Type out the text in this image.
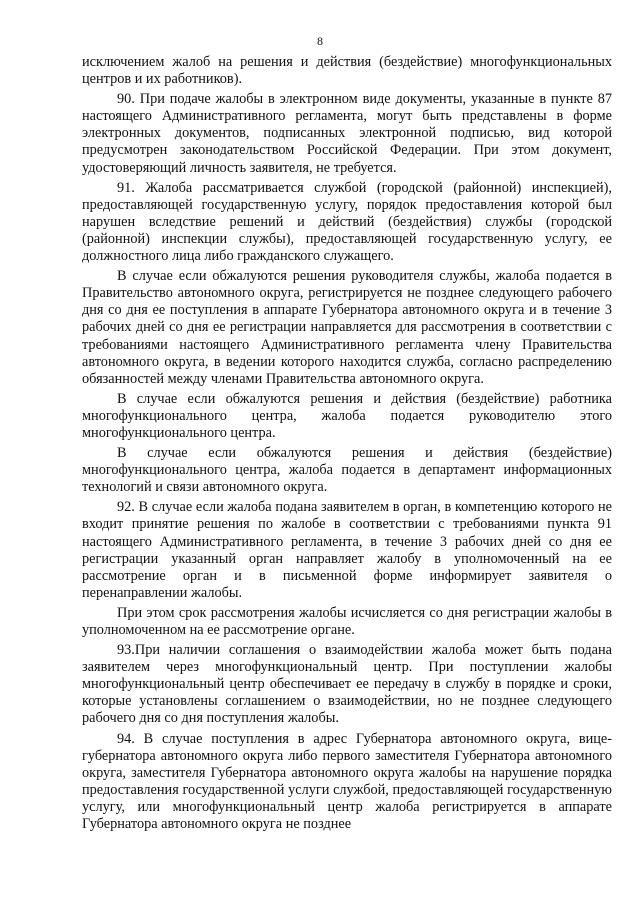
8

исключением жалоб на решения и действия (бездействие) многофункциональных центров и их работников).

90. При подаче жалобы в электронном виде документы, указанные в пункте 87 настоящего Административного регламента, могут быть представлены в форме электронных документов, подписанных электронной подписью, вид которой предусмотрен законодательством Российской Федерации. При этом документ, удостоверяющий личность заявителя, не требуется.

91. Жалоба рассматривается службой (городской (районной) инспекцией), предоставляющей государственную услугу, порядок предоставления которой был нарушен вследствие решений и действий (бездействия) службы (городской (районной) инспекции службы), предоставляющей государственную услугу, ее должностного лица либо гражданского служащего.

В случае если обжалуются решения руководителя службы, жалоба подается в Правительство автономного округа, регистрируется не позднее следующего рабочего дня со дня ее поступления в аппарате Губернатора автономного округа и в течение 3 рабочих дней со дня ее регистрации направляется для рассмотрения в соответствии с требованиями настоящего Административного регламента члену Правительства автономного округа, в ведении которого находится служба, согласно распределению обязанностей между членами Правительства автономного округа.

В случае если обжалуются решения и действия (бездействие) работника многофункционального центра, жалоба подается руководителю этого многофункционального центра.

В случае если обжалуются решения и действия (бездействие) многофункционального центра, жалоба подается в департамент информационных технологий и связи автономного округа.

92. В случае если жалоба подана заявителем в орган, в компетенцию которого не входит принятие решения по жалобе в соответствии с требованиями пункта 91 настоящего Административного регламента, в течение 3 рабочих дней со дня ее регистрации указанный орган направляет жалобу в уполномоченный на ее рассмотрение орган и в письменной форме информирует заявителя о перенаправлении жалобы.

При этом срок рассмотрения жалобы исчисляется со дня регистрации жалобы в уполномоченном на ее рассмотрение органе.

93.При наличии соглашения о взаимодействии жалоба может быть подана заявителем через многофункциональный центр. При поступлении жалобы многофункциональный центр обеспечивает ее передачу в службу в порядке и сроки, которые установлены соглашением о взаимодействии, но не позднее следующего рабочего дня со дня поступления жалобы.

94. В случае поступления в адрес Губернатора автономного округа, вице-губернатора автономного округа либо первого заместителя Губернатора автономного округа, заместителя Губернатора автономного округа жалобы на нарушение порядка предоставления государственной услуги службой, предоставляющей государственную услугу, или многофункциональный центр жалоба регистрируется в аппарате Губернатора автономного округа не позднее
